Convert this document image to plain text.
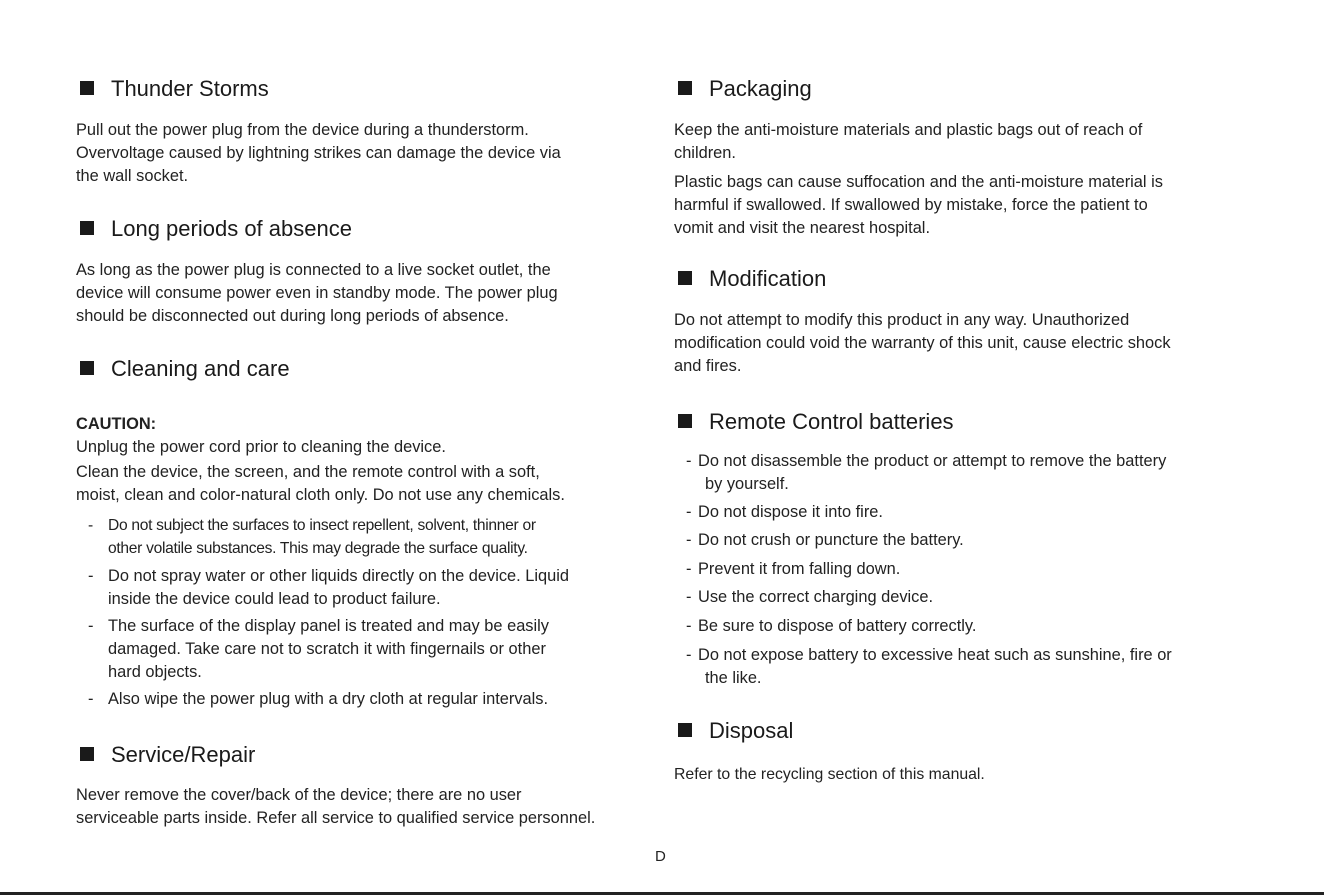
Thunder Storms
Pull out the power plug from the device during a thunderstorm.
Overvoltage caused by lightning strikes can damage the device via
the wall socket.
Long periods of absence
As long as the power plug is connected to a live socket outlet, the
device will consume power even in standby mode. The power plug
should be disconnected out during long periods of absence.
Cleaning and care
CAUTION:
Unplug the power cord prior to cleaning the device.
Clean the device, the screen, and the remote control with a soft,
moist, clean and color-natural cloth only. Do not use any chemicals.
- Do not subject the surfaces to insect repellent, solvent, thinner or
other volatile substances. This may degrade the surface quality.
- Do not spray water or other liquids directly on the device. Liquid
inside the device could lead to product failure.
- The surface of the display panel is treated and may be easily
damaged. Take care not to scratch it with fingernails or other
hard objects.
- Also wipe the power plug with a dry cloth at regular intervals.
Service/Repair
Never remove the cover/back of the device; there are no user
serviceable parts inside. Refer all service to qualified service personnel.
Packaging
Keep the anti-moisture materials and plastic bags out of reach of
children.
Plastic bags can cause suffocation and the anti-moisture material is
harmful if swallowed. If swallowed by mistake, force the patient to
vomit and visit the nearest hospital.
Modification
Do not attempt to modify this product in any way. Unauthorized
modification could void the warranty of this unit, cause electric shock
and fires.
Remote Control batteries
- Do not disassemble the product or attempt to remove the battery
by yourself.
- Do not dispose it into fire.
- Do not crush or puncture the battery.
- Prevent it from falling down.
- Use the correct charging device.
- Be sure to dispose of battery correctly.
- Do not expose battery to excessive heat such as sunshine, fire or
the like.
Disposal
Refer to the recycling section of this manual.
D
